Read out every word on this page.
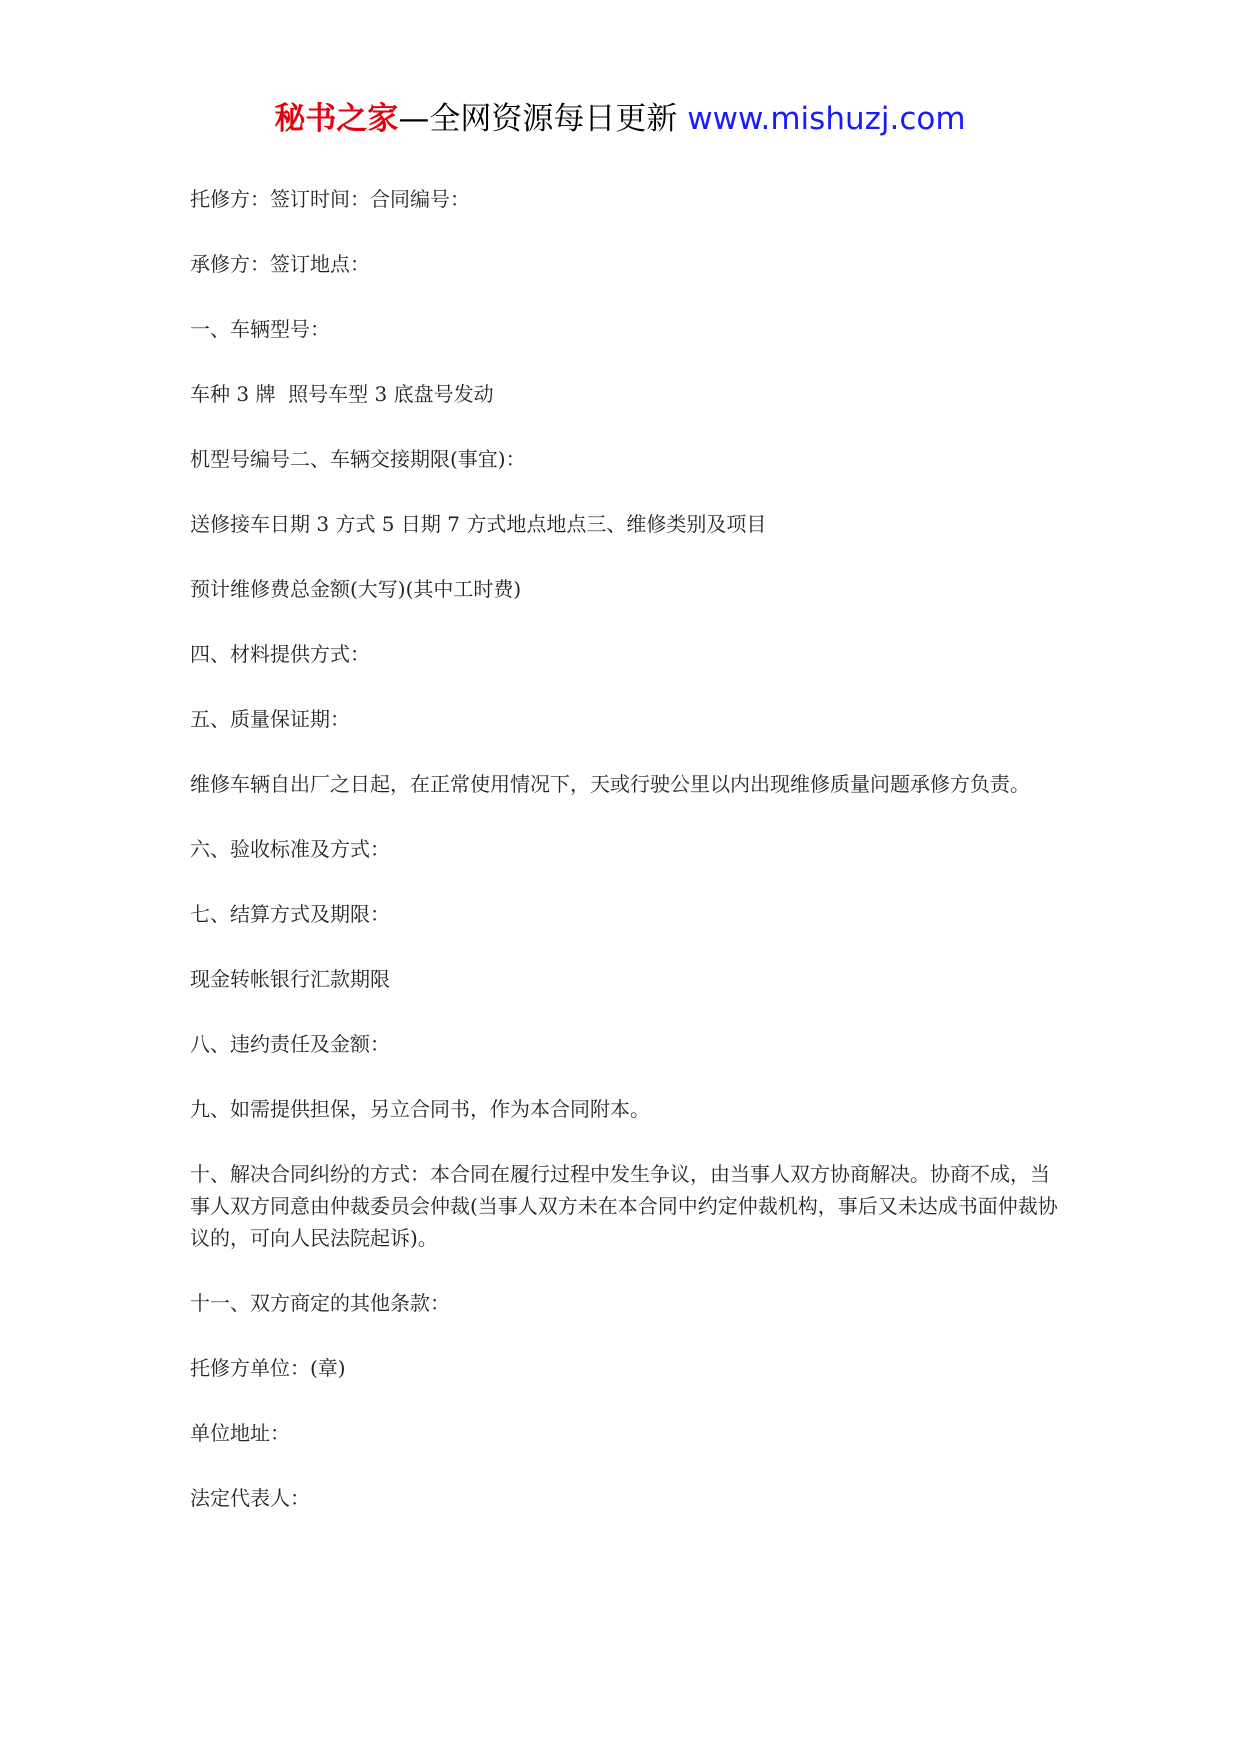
秘书之家—全网资源每日更新 www.mishuzj.com

托修方：签订时间：合同编号：

承修方：签订地点：

一、车辆型号：

车种 3 牌  照号车型 3 底盘号发动

机型号编号二、车辆交接期限(事宜)：

送修接车日期 3 方式 5 日期 7 方式地点地点三、维修类别及项目

预计维修费总金额(大写)(其中工时费)

四、材料提供方式：

五、质量保证期：

维修车辆自出厂之日起，在正常使用情况下，天或行驶公里以内出现维修质量问题承修方负责。

六、验收标准及方式：

七、结算方式及期限：

现金转帐银行汇款期限

八、违约责任及金额：

九、如需提供担保，另立合同书，作为本合同附本。

十、解决合同纠纷的方式：本合同在履行过程中发生争议，由当事人双方协商解决。协商不成，当事人双方同意由仲裁委员会仲裁(当事人双方未在本合同中约定仲裁机构，事后又未达成书面仲裁协议的，可向人民法院起诉)。

十一、双方商定的其他条款：

托修方单位：(章)

单位地址：

法定代表人：
